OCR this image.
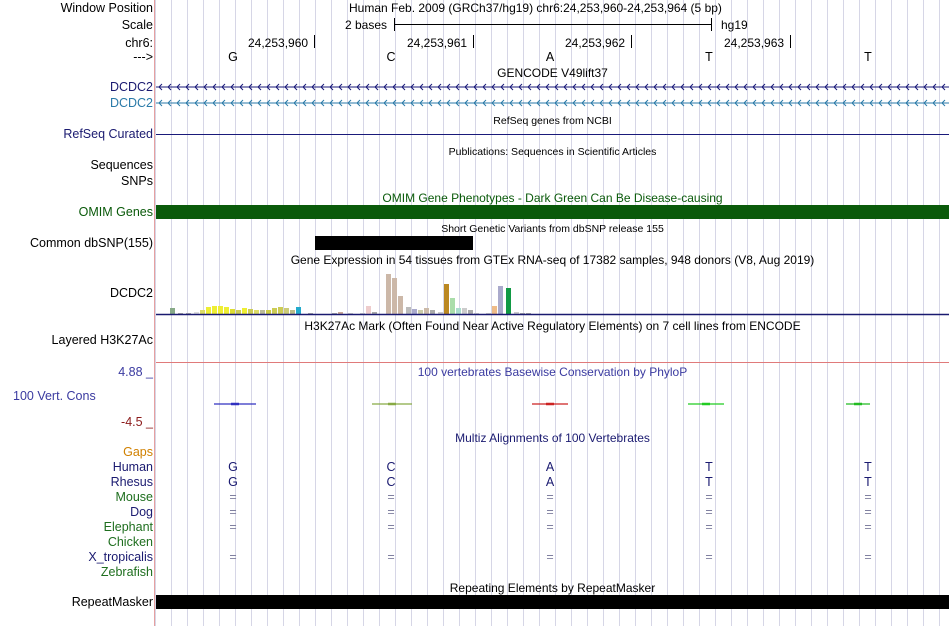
Window Position	Human Feb. 2009 (GRCh37/hg19) chr6:24,253,960-24,253,964 (5 bp)
Scale	2 bases	hg19
chr6:	24,253,960	24,253,961	24,253,962	24,253,963
--->	G	C	A	T	T
GENCODE V49lift37
DCDC2
DCDC2
RefSeq genes from NCBI
RefSeq Curated
Publications: Sequences in Scientific Articles
Sequences
SNPs
OMIM Gene Phenotypes - Dark Green Can Be Disease-causing
OMIM Genes
Short Genetic Variants from dbSNP release 155
Common dbSNP(155)
Gene Expression in 54 tissues from GTEx RNA-seq of 17382 samples, 948 donors (V8, Aug 2019)
DCDC2
H3K27Ac Mark (Often Found Near Active Regulatory Elements) on 7 cell lines from ENCODE
Layered H3K27Ac
100 vertebrates Basewise Conservation by PhyloP
4.88 _
100 Vert. Cons
-4.5 _
Multiz Alignments of 100 Vertebrates
Gaps
Human	G	C	A	T	T
Rhesus	G	C	A	T	T
Mouse	=	=	=	=	=
Dog	=	=	=	=	=
Elephant	=	=	=	=	=
Chicken
X_tropicalis	=	=	=	=	=
Zebrafish
Repeating Elements by RepeatMasker
RepeatMasker
